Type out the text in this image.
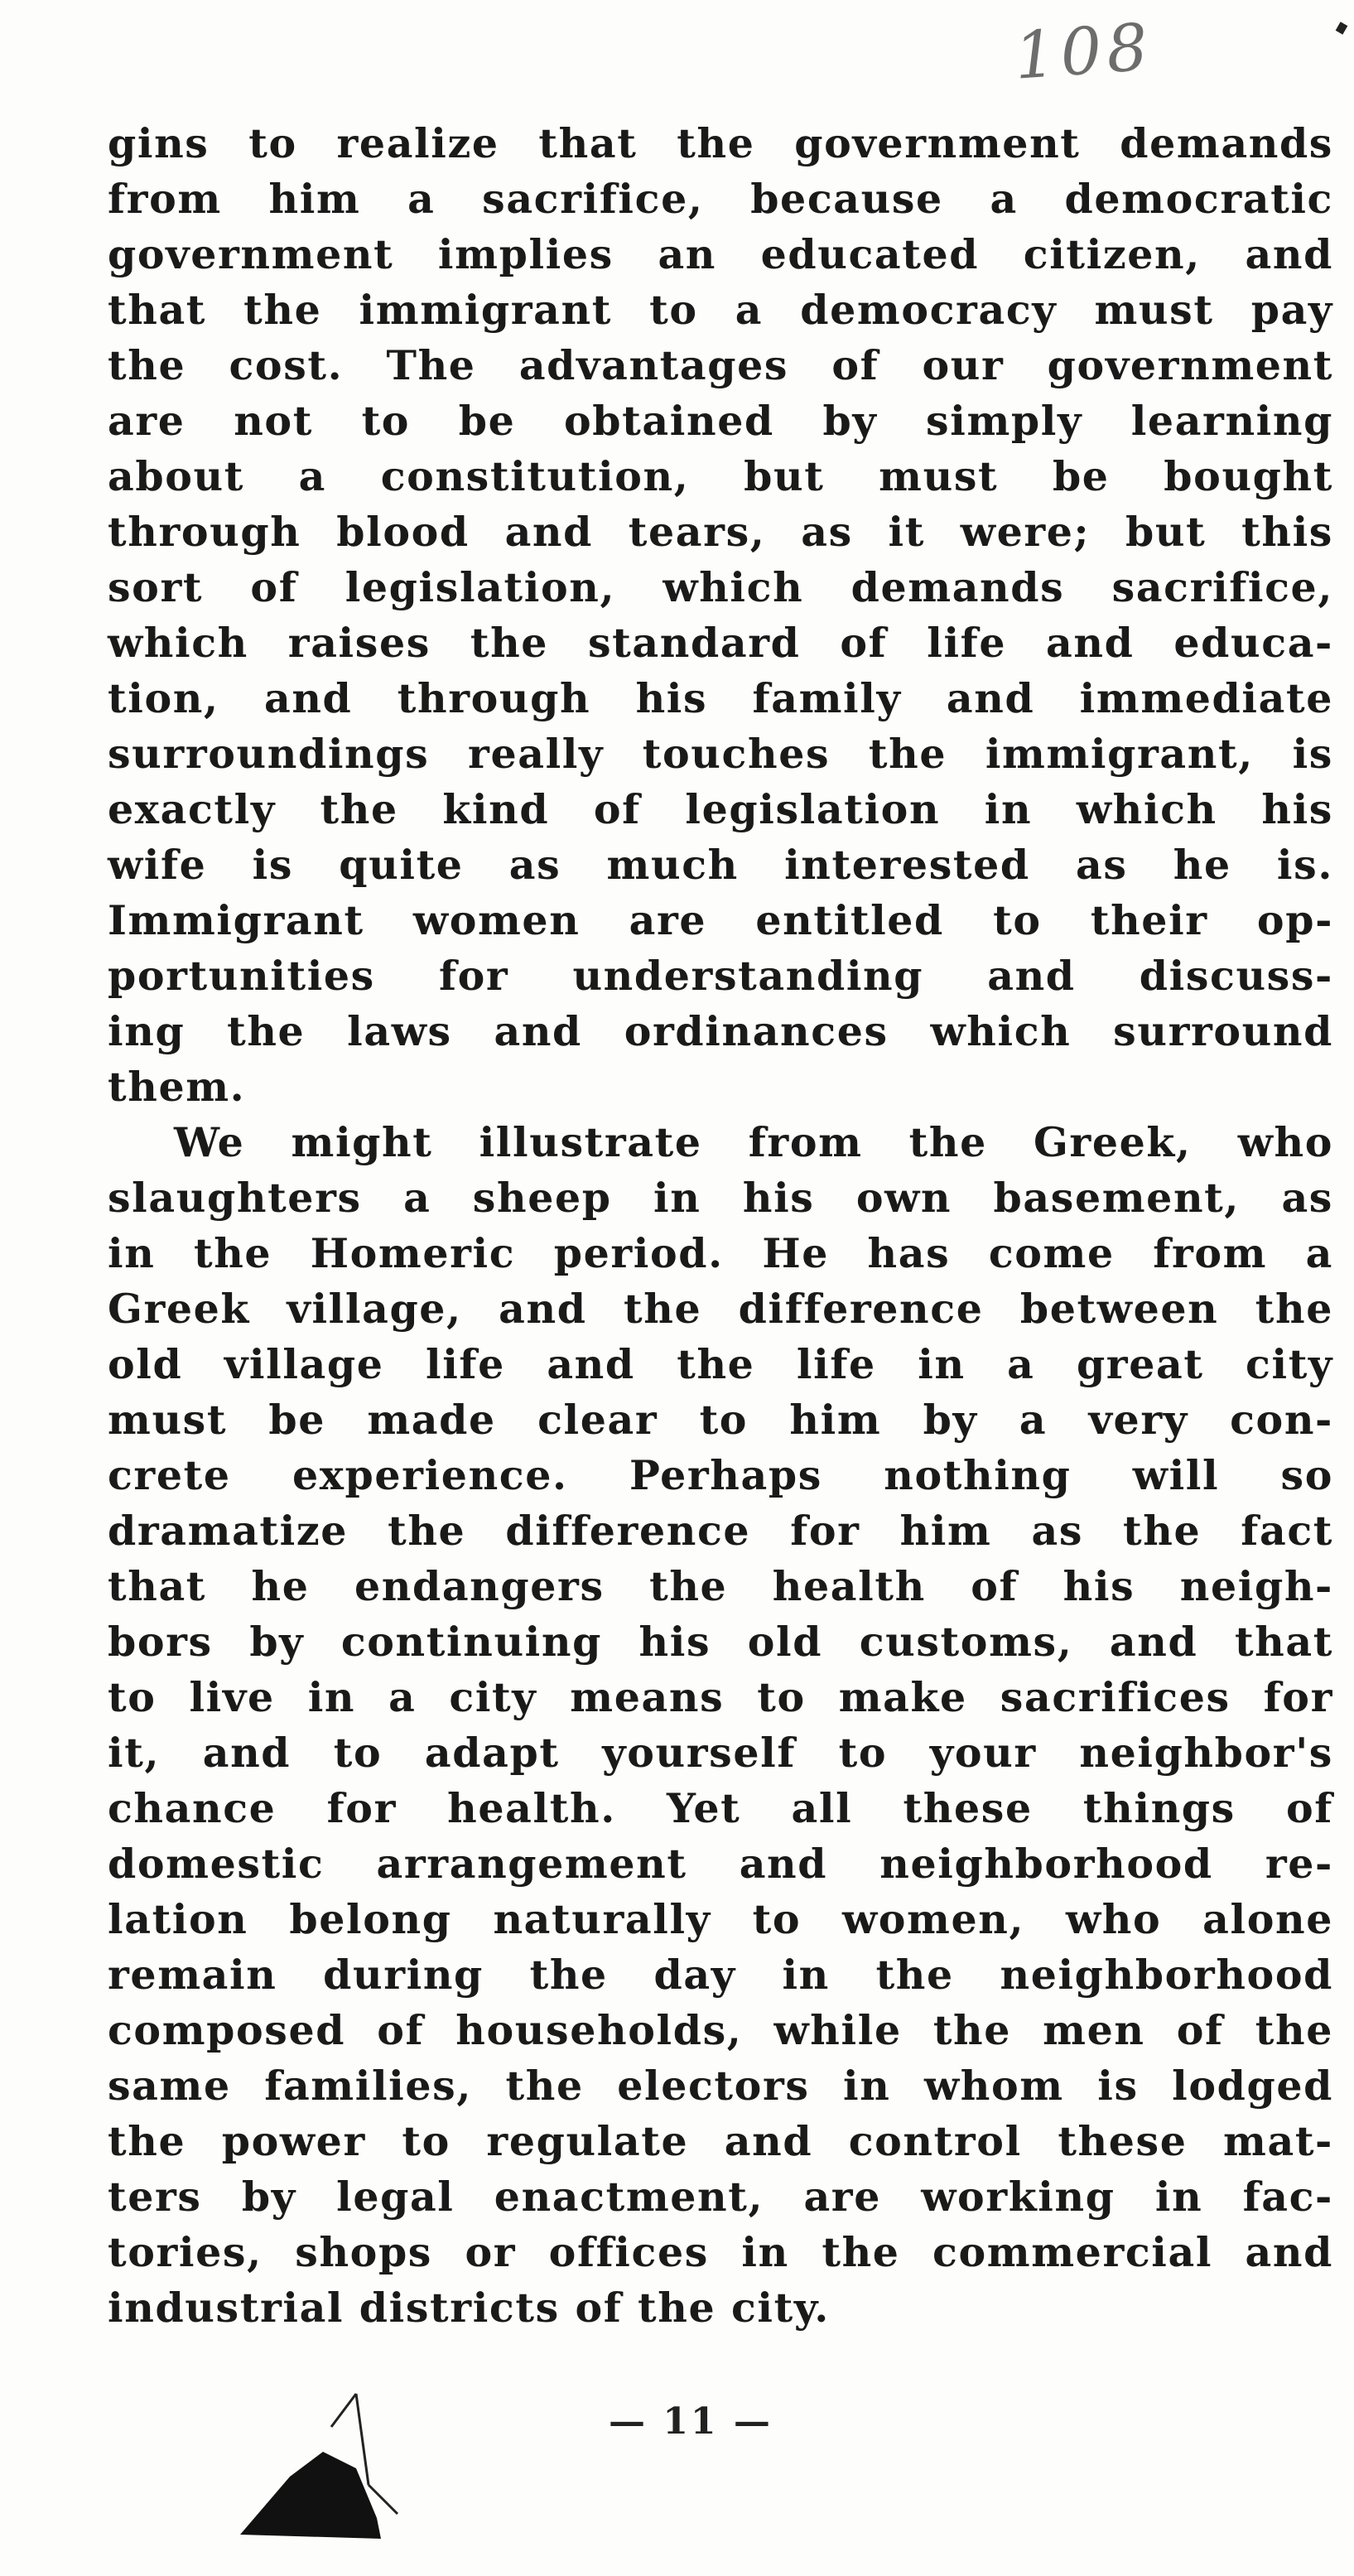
108
gins to realize that the government demands
from him a sacrifice, because a democratic
government implies an educated citizen, and
that the immigrant to a democracy must pay
the cost. The advantages of our government
are not to be obtained by simply learning
about a constitution, but must be bought
through blood and tears, as it were; but this
sort of legislation, which demands sacrifice,
which raises the standard of life and educa-
tion, and through his family and immediate
surroundings really touches the immigrant, is
exactly the kind of legislation in which his
wife is quite as much interested as he is.
Immigrant women are entitled to their op-
portunities for understanding and discuss-
ing the laws and ordinances which surround
them.
We might illustrate from the Greek, who
slaughters a sheep in his own basement, as
in the Homeric period. He has come from a
Greek village, and the difference between the
old village life and the life in a great city
must be made clear to him by a very con-
crete experience. Perhaps nothing will so
dramatize the difference for him as the fact
that he endangers the health of his neigh-
bors by continuing his old customs, and that
to live in a city means to make sacrifices for
it, and to adapt yourself to your neighbor's
chance for health. Yet all these things of
domestic arrangement and neighborhood re-
lation belong naturally to women, who alone
remain during the day in the neighborhood
composed of households, while the men of the
same families, the electors in whom is lodged
the power to regulate and control these mat-
ters by legal enactment, are working in fac-
tories, shops or offices in the commercial and
industrial districts of the city.
— 11 —
